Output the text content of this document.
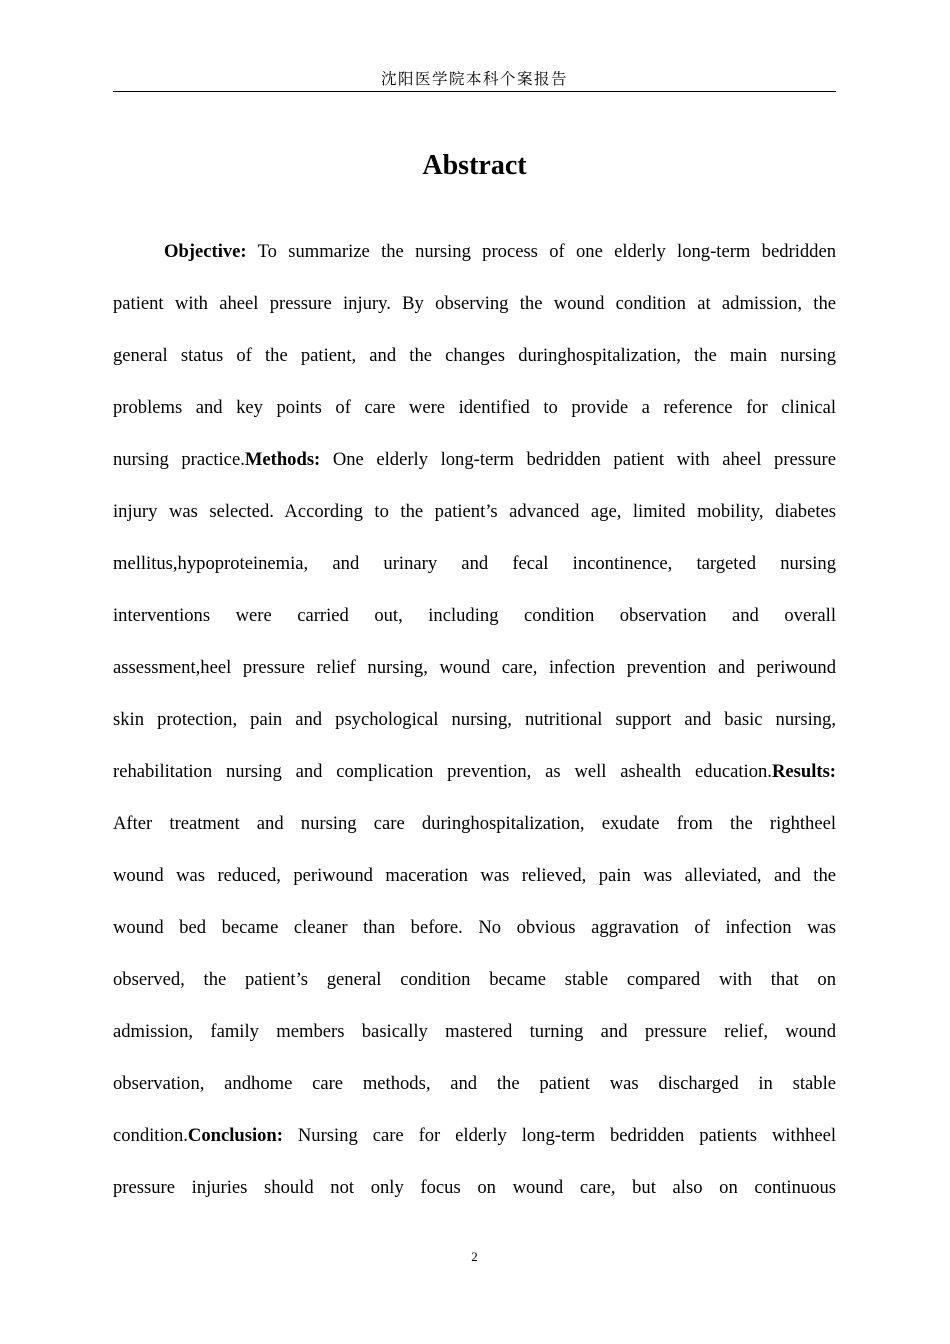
沈阳医学院本科个案报告
Abstract
Objective: To summarize the nursing process of one elderly long-term bedridden
patient with aheel pressure injury. By observing the wound condition at admission, the
general status of the patient, and the changes duringhospitalization, the main nursing
problems and key points of care were identified to provide a reference for clinical
nursing practice.Methods: One elderly long-term bedridden patient with aheel pressure
injury was selected. According to the patient’s advanced age, limited mobility, diabetes
mellitus,hypoproteinemia, and urinary and fecal incontinence, targeted nursing
interventions were carried out, including condition observation and overall
assessment,heel pressure relief nursing, wound care, infection prevention and periwound
skin protection, pain and psychological nursing, nutritional support and basic nursing,
rehabilitation nursing and complication prevention, as well ashealth education.Results:
After treatment and nursing care duringhospitalization, exudate from the rightheel
wound was reduced, periwound maceration was relieved, pain was alleviated, and the
wound bed became cleaner than before. No obvious aggravation of infection was
observed, the patient’s general condition became stable compared with that on
admission, family members basically mastered turning and pressure relief, wound
observation, andhome care methods, and the patient was discharged in stable
condition.Conclusion: Nursing care for elderly long-term bedridden patients withheel
pressure injuries should not only focus on wound care, but also on continuous
2
